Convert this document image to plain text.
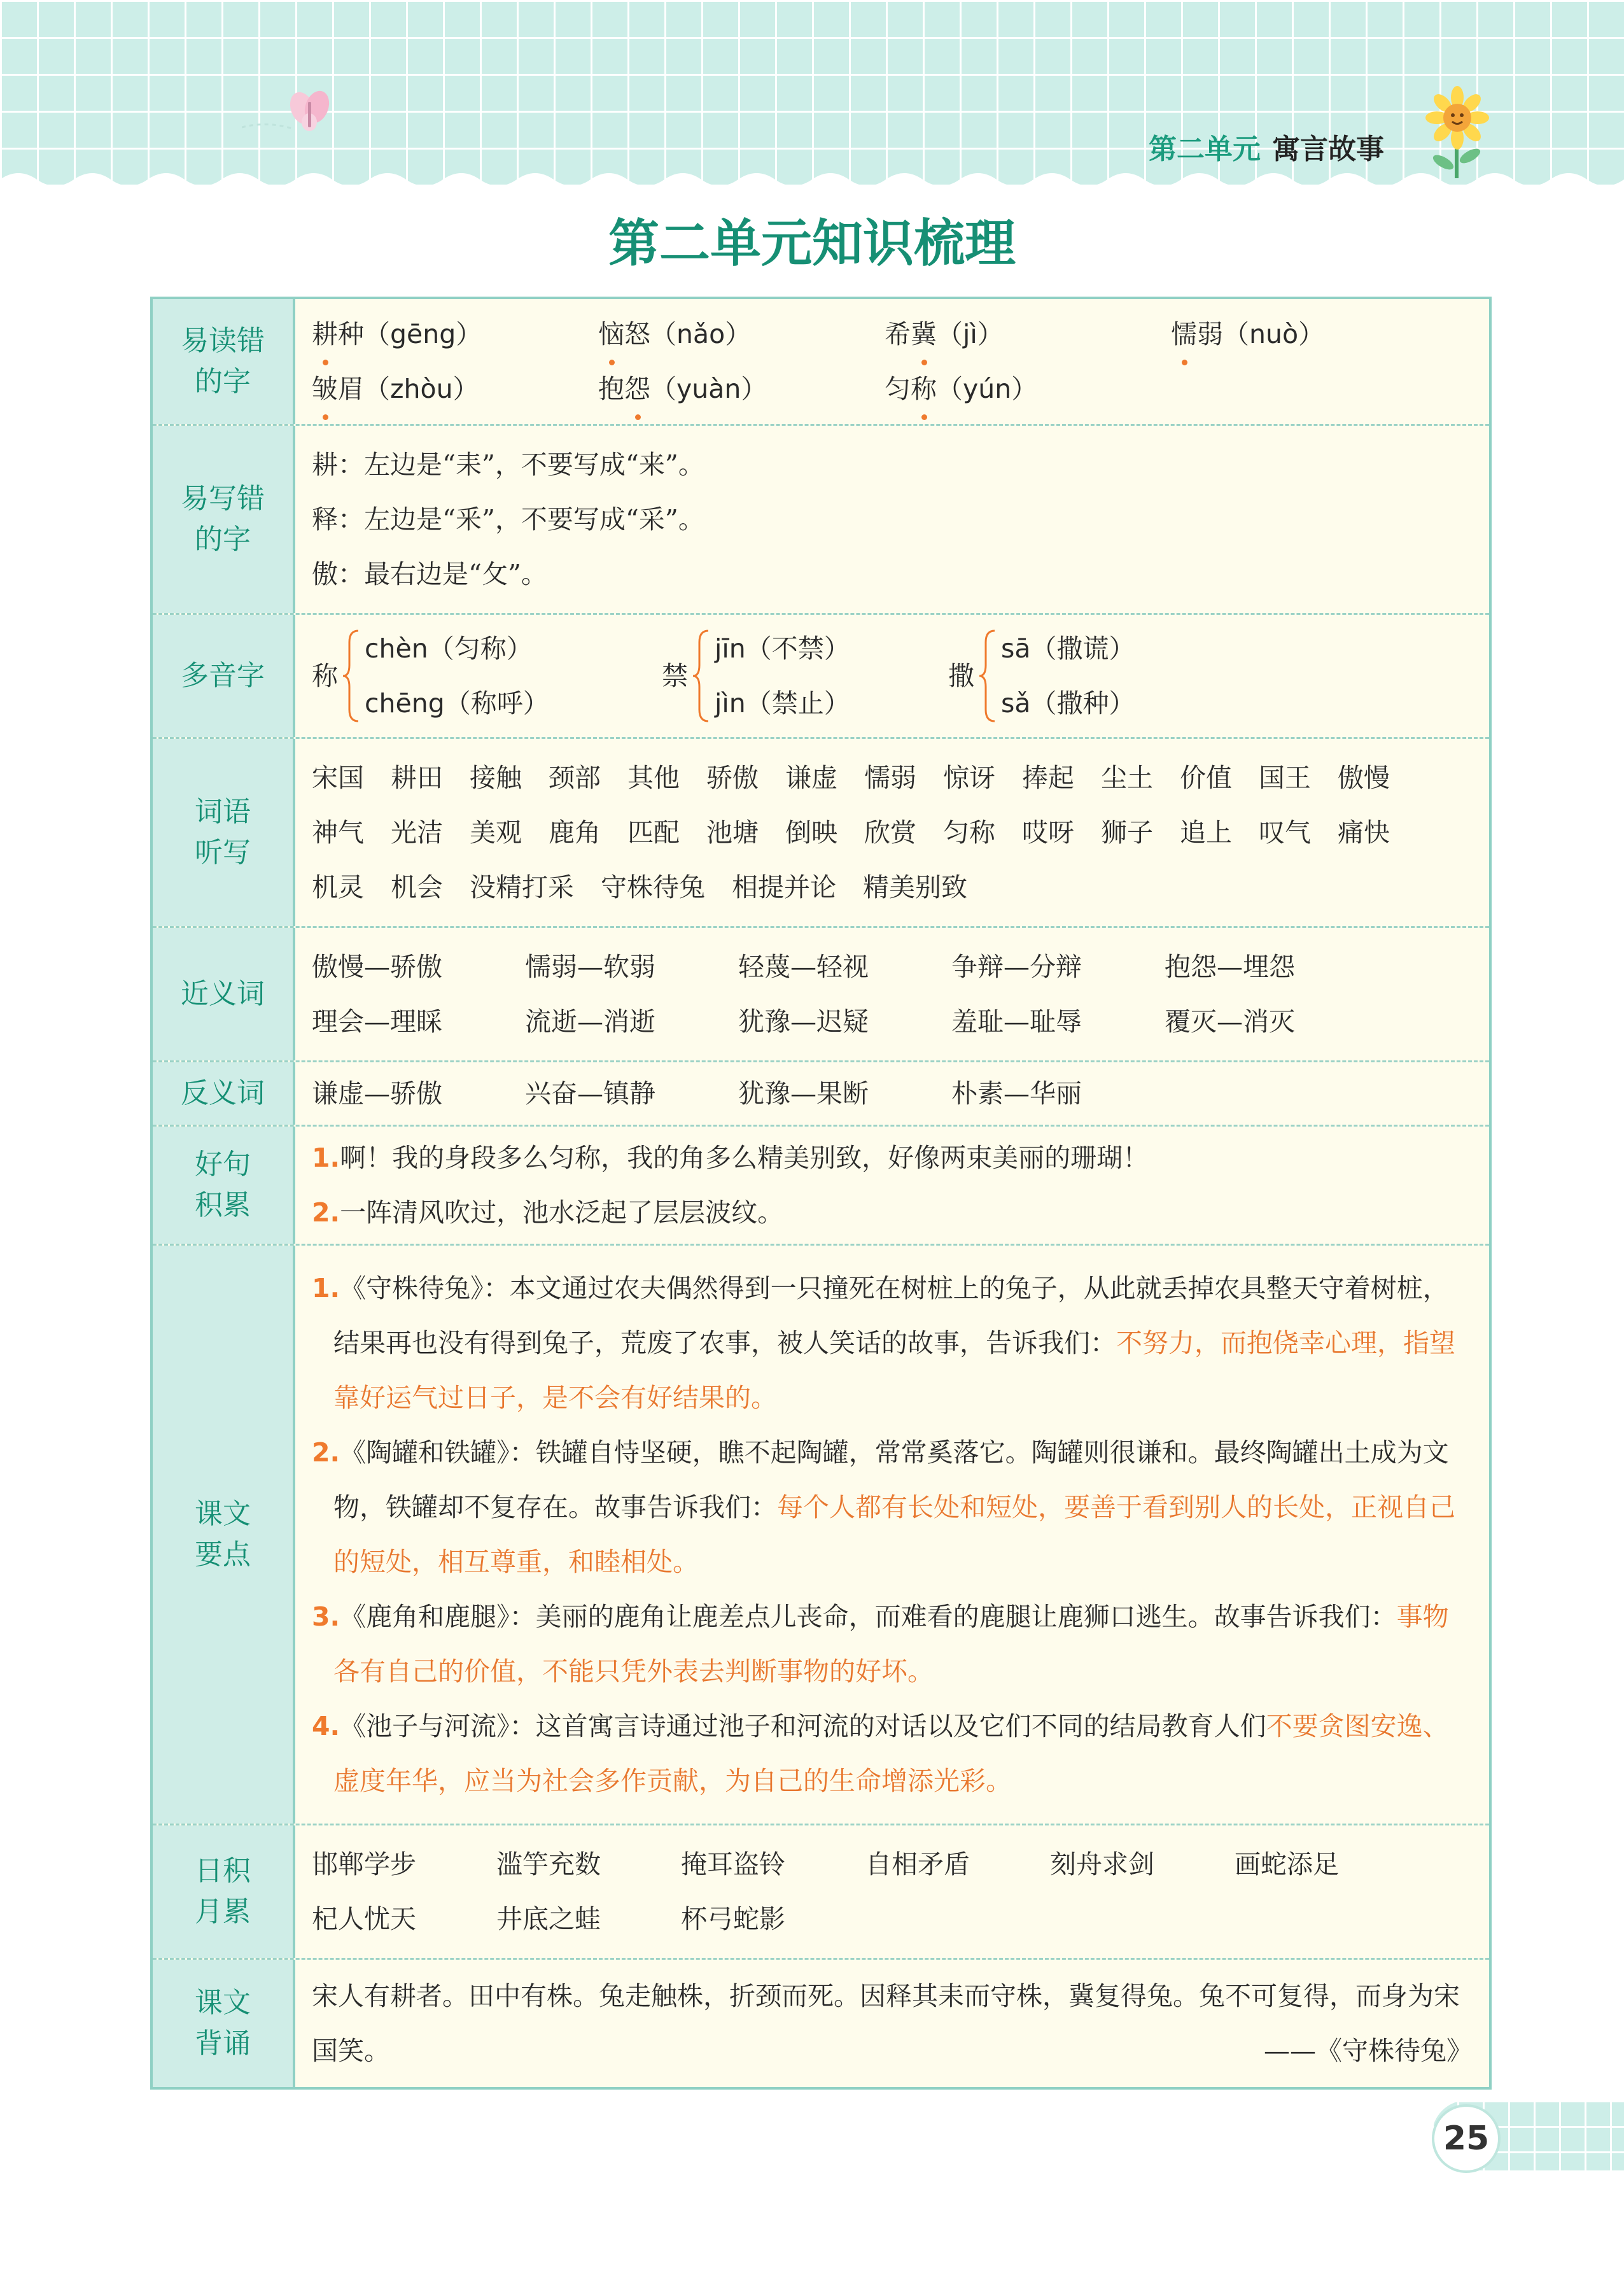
第二单元 寓言故事
第二单元知识梳理
易读错
的字
耕种（gēng）	恼怒（nǎo）	希冀（jì）	懦弱（nuò）
皱眉（zhòu）	抱怨（yuàn）	匀称（yún）
易写错
的字
耕：左边是“耒”，不要写成“来”。
释：左边是“釆”，不要写成“采”。
傲：最右边是“攵”。
多音字	称
chèn（匀称）
chēng（称呼）
禁
jīn（不禁）
jìn（禁止）
撒
sā（撒谎）
sǎ（撒种）
词语
听写
宋国 耕田 接触 颈部 其他 骄傲 谦虚 懦弱 惊讶 捧起 尘土 价值 国王 傲慢
神气 光洁 美观 鹿角 匹配 池塘 倒映 欣赏 匀称 哎呀 狮子 追上 叹气 痛快
机灵 机会 没精打采 守株待兔 相提并论 精美别致
近义词
傲慢—骄傲	懦弱—软弱	轻蔑—轻视	争辩—分辩	抱怨—埋怨
理会—理睬	流逝—消逝	犹豫—迟疑	羞耻—耻辱	覆灭—消灭
反义词	谦虚—骄傲	兴奋—镇静	犹豫—果断	朴素—华丽
好句
积累
1.啊！我的身段多么匀称，我的角多么精美别致，好像两束美丽的珊瑚！
2.一阵清风吹过，池水泛起了层层波纹。
课文
要点
1.《守株待兔》：本文通过农夫偶然得到一只撞死在树桩上的兔子，从此就丢掉农具整天守着树桩，结果再也没有得到兔子，荒废了农事，被人笑话的故事，告诉我们：不努力，而抱侥幸心理，指望靠好运气过日子，是不会有好结果的。
2.《陶罐和铁罐》：铁罐自恃坚硬，瞧不起陶罐，常常奚落它。陶罐则很谦和。最终陶罐出土成为文物，铁罐却不复存在。故事告诉我们：每个人都有长处和短处，要善于看到别人的长处，正视自己的短处，相互尊重，和睦相处。
3.《鹿角和鹿腿》：美丽的鹿角让鹿差点儿丧命，而难看的鹿腿让鹿狮口逃生。故事告诉我们：事物各有自己的价值，不能只凭外表去判断事物的好坏。
4.《池子与河流》：这首寓言诗通过池子和河流的对话以及它们不同的结局教育人们不要贪图安逸、虚度年华，应当为社会多作贡献，为自己的生命增添光彩。
日积
月累
邯郸学步	滥竽充数	掩耳盗铃	自相矛盾	刻舟求剑	画蛇添足
杞人忧天	井底之蛙	杯弓蛇影
课文
背诵
宋人有耕者。田中有株。兔走触株，折颈而死。因释其耒而守株，冀复得兔。兔不可复得，而身为宋国笑。	——《守株待兔》
25
